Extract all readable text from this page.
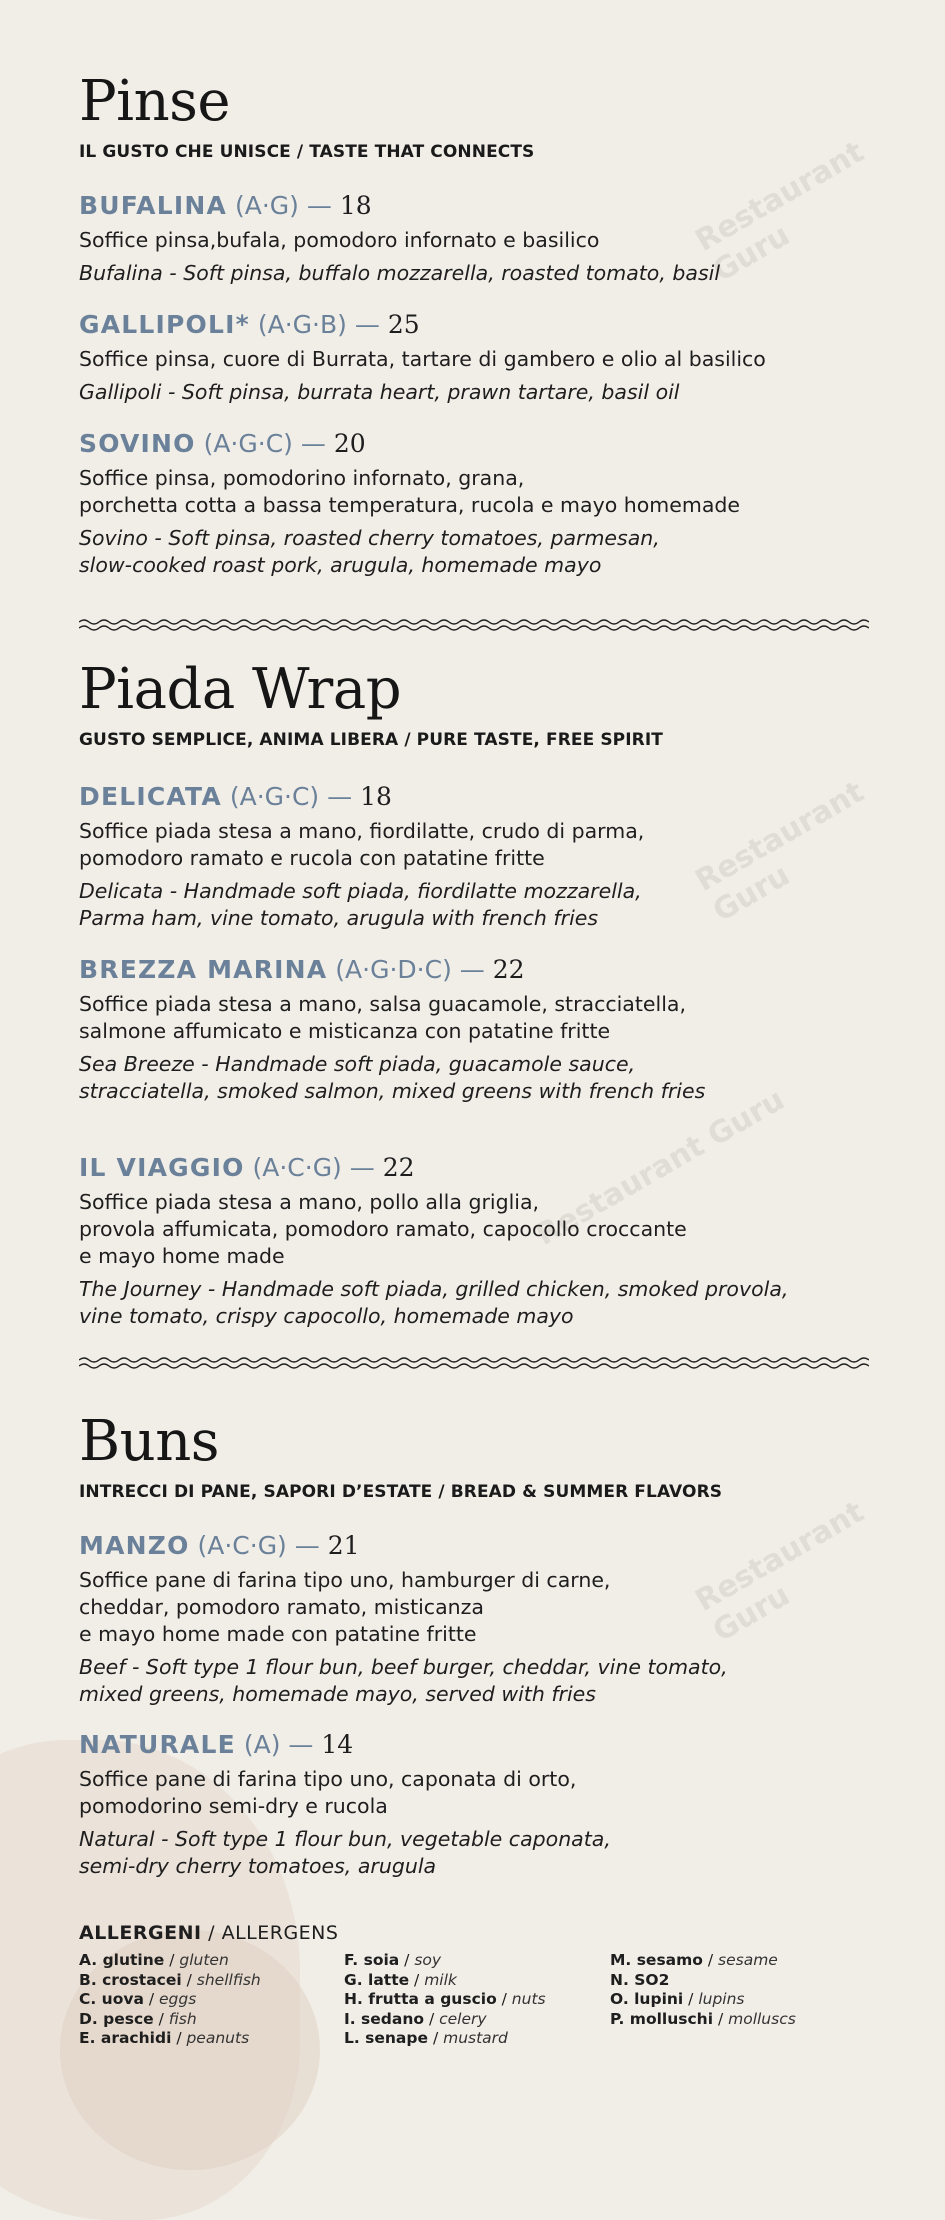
Restaurant Guru
Restaurant Guru
Restaurant Guru
Restaurant Guru
Pinse
IL GUSTO CHE UNISCE / TASTE THAT CONNECTS
BUFALINA (A·G) — 18
Soffice pinsa,bufala, pomodoro infornato e basilico
Bufalina - Soft pinsa, buffalo mozzarella, roasted tomato, basil
GALLIPOLI* (A·G·B) — 25
Soffice pinsa, cuore di Burrata, tartare di gambero e olio al basilico
Gallipoli - Soft pinsa, burrata heart, prawn tartare, basil oil
SOVINO (A·G·C) — 20
Soffice pinsa, pomodorino infornato, grana,
porchetta cotta a bassa temperatura, rucola e mayo homemade
Sovino - Soft pinsa, roasted cherry tomatoes, parmesan,
slow-cooked roast pork, arugula, homemade mayo
Piada Wrap
GUSTO SEMPLICE, ANIMA LIBERA / PURE TASTE, FREE SPIRIT
DELICATA (A·G·C) — 18
Soffice piada stesa a mano, fiordilatte, crudo di parma,
pomodoro ramato e rucola con patatine fritte
Delicata - Handmade soft piada, fiordilatte mozzarella,
Parma ham, vine tomato, arugula with french fries
BREZZA MARINA (A·G·D·C) — 22
Soffice piada stesa a mano, salsa guacamole, stracciatella,
salmone affumicato e misticanza con patatine fritte
Sea Breeze - Handmade soft piada, guacamole sauce,
stracciatella, smoked salmon, mixed greens with french fries
IL VIAGGIO (A·C·G) — 22
Soffice piada stesa a mano, pollo alla griglia,
provola affumicata, pomodoro ramato, capocollo croccante
e mayo home made
The Journey - Handmade soft piada, grilled chicken, smoked provola,
vine tomato, crispy capocollo, homemade mayo
Buns
INTRECCI DI PANE, SAPORI D’ESTATE / BREAD & SUMMER FLAVORS
MANZO (A·C·G) — 21
Soffice pane di farina tipo uno, hamburger di carne,
cheddar, pomodoro ramato, misticanza
e mayo home made con patatine fritte
Beef - Soft type 1 flour bun, beef burger, cheddar, vine tomato,
mixed greens, homemade mayo, served with fries
NATURALE (A) — 14
Soffice pane di farina tipo uno, caponata di orto,
pomodorino semi-dry e rucola
Natural - Soft type 1 flour bun, vegetable caponata,
semi-dry cherry tomatoes, arugula
ALLERGENI / ALLERGENS
A. glutine / gluten
B. crostacei / shellfish
C. uova / eggs
D. pesce / fish
E. arachidi / peanuts
F. soia / soy
G. latte / milk
H. frutta a guscio / nuts
I. sedano / celery
L. senape / mustard
M. sesamo / sesame
N. SO2
O. lupini / lupins
P. molluschi / molluscs
